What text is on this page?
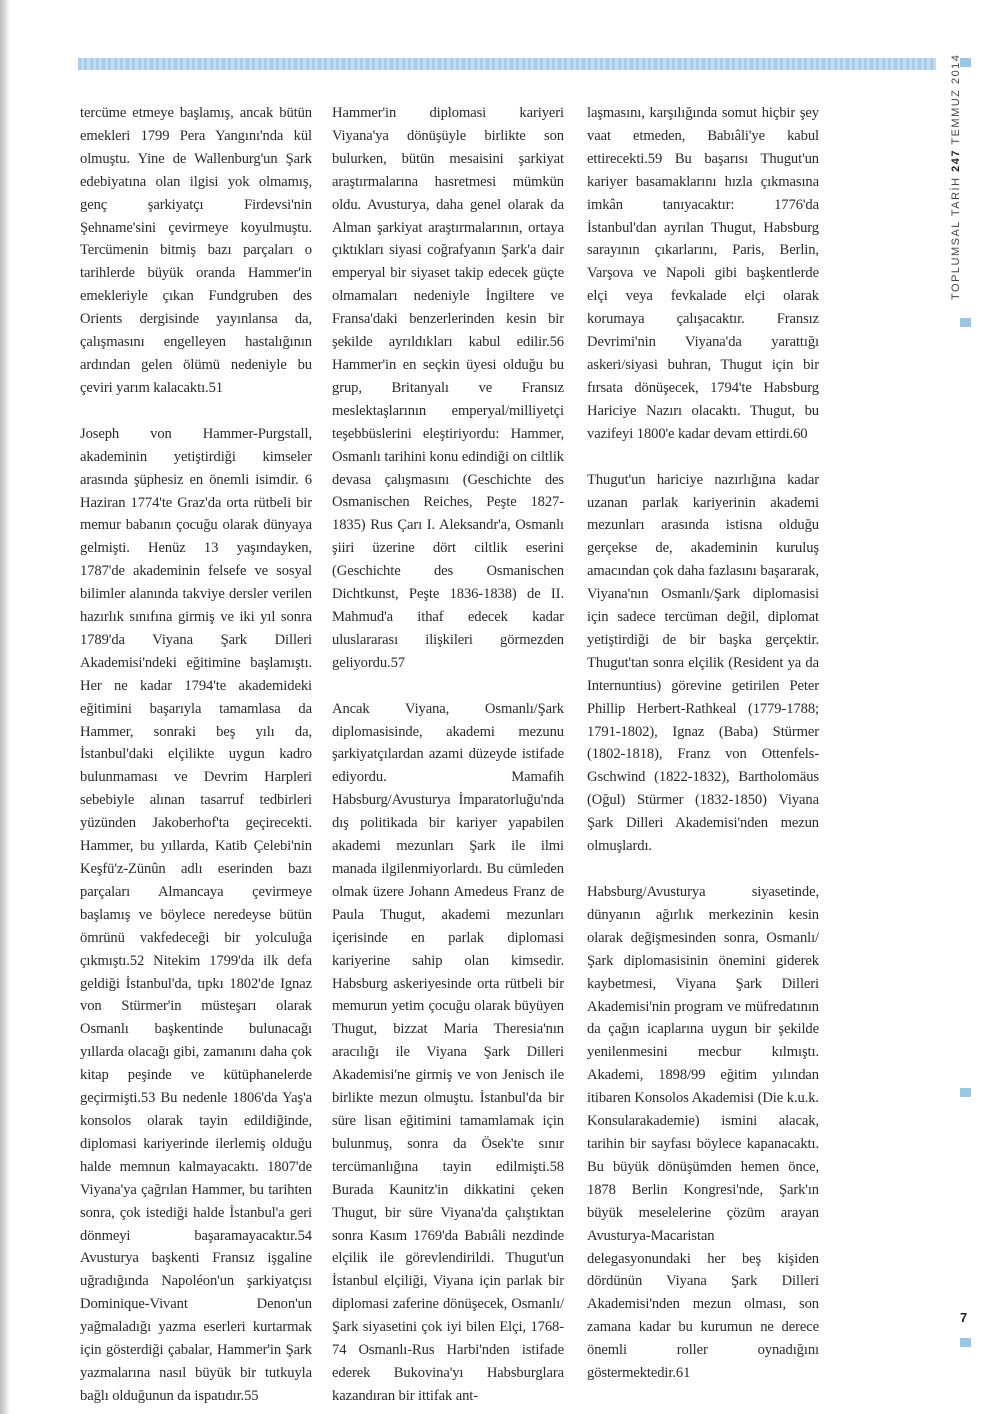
tercüme etmeye başlamış, ancak bütün emekleri 1799 Pera Yangını'nda kül olmuştu. Yine de Wallenburg'un Şark edebiyatına olan ilgisi yok olmamış, genç şarkiyatçı Firdevsi'nin Şehname'sini çevirmeye koyulmuştu. Tercümenin bitmiş bazı parçaları o tarihlerde büyük oranda Hammer'in emekleriyle çıkan Fundgruben des Orients dergisinde yayınlansa da, çalışmasını engelleyen hastalığının ardından gelen ölümü nedeniyle bu çeviri yarım kalacaktı.51

Joseph von Hammer-Purgstall, akademinin yetiştirdiği kimseler arasında şüphesiz en önemli isimdir. 6 Haziran 1774'te Graz'da orta rütbeli bir memur babanın çocuğu olarak dünyaya gelmişti. Henüz 13 yaşındayken, 1787'de akademinin felsefe ve sosyal bilimler alanında takviye dersler verilen hazırlık sınıfına girmiş ve iki yıl sonra 1789'da Viyana Şark Dilleri Akademisi'ndeki eğitimine başlamıştı. Her ne kadar 1794'te akademideki eğitimini başarıyla tamamlasa da Hammer, sonraki beş yılı da, İstanbul'daki elçilikte uygun kadro bulunmaması ve Devrim Harpleri sebebiyle alınan tasarruf tedbirleri yüzünden Jakoberhof'ta geçirecekti. Hammer, bu yıllarda, Katib Çelebi'nin Keşfü'z-Zünûn adlı eserinden bazı parçaları Almancaya çevirmeye başlamış ve böylece neredeyse bütün ömrünü vakfedeceği bir yolculuğa çıkmıştı.52 Nitekim 1799'da ilk defa geldiği İstanbul'da, tıpkı 1802'de Ignaz von Stürmer'in müsteşarı olarak Osmanlı başkentinde bulunacağı yıllarda olacağı gibi, zamanını daha çok kitap peşinde ve kütüphanelerde geçirmişti.53 Bu nedenle 1806'da Yaş'a konsolos olarak tayin edildiğinde, diplomasi kariyerinde ilerlemiş olduğu halde memnun kalmayacaktı. 1807'de Viyana'ya çağrılan Hammer, bu tarihten sonra, çok istediği halde İstanbul'a geri dönmeyi başaramayacaktır.54 Avusturya başkenti Fransız işgaline uğradığında Napoléon'un şarkiyatçısı Dominique-Vivant Denon'un yağmaladığı yazma eserleri kurtarmak için gösterdiği çabalar, Hammer'in Şark yazmalarına nasıl büyük bir tutkuyla bağlı olduğunun da ispatıdır.55

Hammer'in diplomasi kariyeri Viyana'ya dönüşüyle birlikte son bulurken, bütün mesaisini şarkiyat araştırmalarına hasretmesi mümkün oldu. Avusturya, daha genel olarak da Alman şarkiyat araştırmalarının, ortaya çıktıkları siyasi coğrafyanın Şark'a dair emperyal bir siyaset takip edecek güçte olmamaları nedeniyle İngiltere ve Fransa'daki benzerlerinden kesin bir şekilde ayrıldıkları kabul edilir.56 Hammer'in en seçkin üyesi olduğu bu grup, Britanyalı ve Fransız meslektaşlarının emperyal/milliyetçi teşebbüslerini eleştiriyordu: Hammer, Osmanlı tarihini konu edindiği on ciltlik devasa çalışmasını (Geschichte des Osmanischen Reiches, Peşte 1827-1835) Rus Çarı I. Aleksandr'a, Osmanlı şiiri üzerine dört ciltlik eserini (Geschichte des Osmanischen Dichtkunst, Peşte 1836-1838) de II. Mahmud'a ithaf edecek kadar uluslararası ilişkileri görmezden geliyordu.57

Ancak Viyana, Osmanlı/Şark diplomasisinde, akademi mezunu şarkiyatçılardan azami düzeyde istifade ediyordu. Mamafih Habsburg/Avusturya İmparatorluğu'nda dış politikada bir kariyer yapabilen akademi mezunları Şark ile ilmi manada ilgilenmiyorlardı. Bu cümleden olmak üzere Johann Amedeus Franz de Paula Thugut, akademi mezunları içerisinde en parlak diplomasi kariyerine sahip olan kimsedir. Habsburg askeriyesinde orta rütbeli bir memurun yetim çocuğu olarak büyüyen Thugut, bizzat Maria Theresia'nın aracılığı ile Viyana Şark Dilleri Akademisi'ne girmiş ve von Jenisch ile birlikte mezun olmuştu. İstanbul'da bir süre lisan eğitimini tamamlamak için bulunmuş, sonra da Ösek'te sınır tercümanlığına tayin edilmişti.58 Burada Kaunitz'in dikkatini çeken Thugut, bir süre Viyana'da çalıştıktan sonra Kasım 1769'da Babıâli nezdinde elçilik ile görevlendirildi. Thugut'un İstanbul elçiliği, Viyana için parlak bir diplomasi zaferine dönüşecek, Osmanlı/Şark siyasetini çok iyi bilen Elçi, 1768-74 Osmanlı-Rus Harbi'nden istifade ederek Bukovina'yı Habsburglara kazandıran bir ittifak ant-

laşmasını, karşılığında somut hiçbir şey vaat etmeden, Babıâli'ye kabul ettirecekti.59 Bu başarısı Thugut'un kariyer basamaklarını hızla çıkmasına imkân tanıyacaktır: 1776'da İstanbul'dan ayrılan Thugut, Habsburg sarayının çıkarlarını, Paris, Berlin, Varşova ve Napoli gibi başkentlerde elçi veya fevkalade elçi olarak korumaya çalışacaktır. Fransız Devrimi'nin Viyana'da yarattığı askeri/siyasi buhran, Thugut için bir fırsata dönüşecek, 1794'te Habsburg Hariciye Nazırı olacaktı. Thugut, bu vazifeyi 1800'e kadar devam ettirdi.60

Thugut'un hariciye nazırlığına kadar uzanan parlak kariyerinin akademi mezunları arasında istisna olduğu gerçekse de, akademinin kuruluş amacından çok daha fazlasını başararak, Viyana'nın Osmanlı/Şark diplomasisi için sadece tercüman değil, diplomat yetiştirdiği de bir başka gerçektir. Thugut'tan sonra elçilik (Resident ya da Internuntius) görevine getirilen Peter Phillip Herbert-Rathkeal (1779-1788; 1791-1802), Ignaz (Baba) Stürmer (1802-1818), Franz von Ottenfels-Gschwind (1822-1832), Bartholomäus (Oğul) Stürmer (1832-1850) Viyana Şark Dilleri Akademisi'nden mezun olmuşlardı.

Habsburg/Avusturya siyasetinde, dünyanın ağırlık merkezinin kesin olarak değişmesinden sonra, Osmanlı/Şark diplomasisinin önemini giderek kaybetmesi, Viyana Şark Dilleri Akademisi'nin program ve müfredatının da çağın icaplarına uygun bir şekilde yenilenmesini mecbur kılmıştı. Akademi, 1898/99 eğitim yılından itibaren Konsolos Akademisi (Die k.u.k. Konsularakademie) ismini alacak, tarihin bir sayfası böylece kapanacaktı. Bu büyük dönüşümden hemen önce, 1878 Berlin Kongresi'nde, Şark'ın büyük meselelerine çözüm arayan Avusturya-Macaristan delegasyonundaki her beş kişiden dördünün Viyana Şark Dilleri Akademisi'nden mezun olması, son zamana kadar bu kurumun ne derece önemli roller oynadığını göstermektedir.61

TOPLUMSAL TARİH 247 TEMMUZ 2014
7
